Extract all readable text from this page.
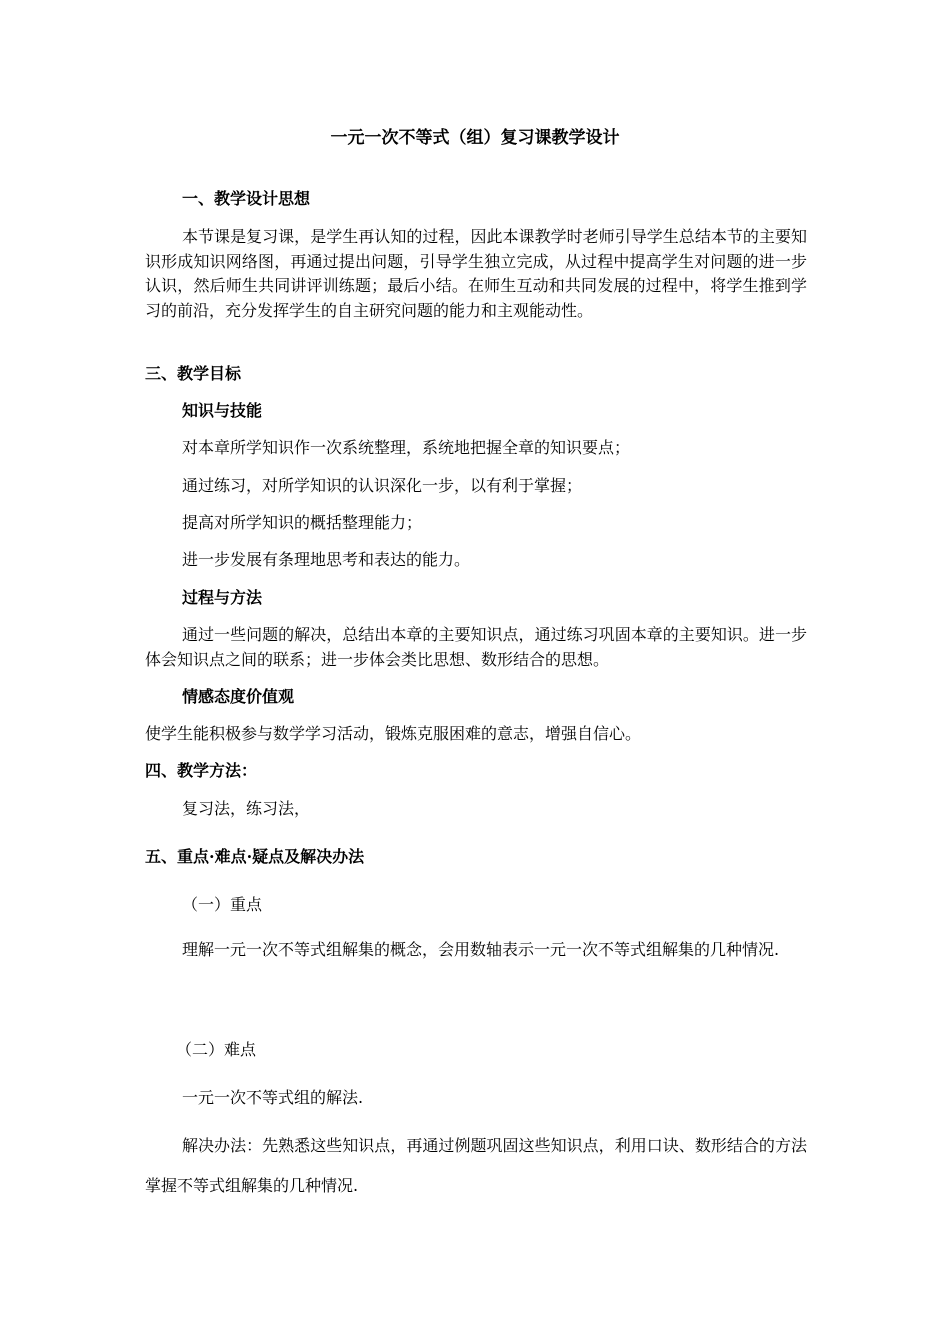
一元一次不等式（组）复习课教学设计
一、教学设计思想
本节课是复习课，是学生再认知的过程，因此本课教学时老师引导学生总结本节的主要知识形成知识网络图，再通过提出问题，引导学生独立完成，从过程中提高学生对问题的进一步认识，然后师生共同讲评训练题；最后小结。在师生互动和共同发展的过程中，将学生推到学习的前沿，充分发挥学生的自主研究问题的能力和主观能动性。
三、教学目标
知识与技能
对本章所学知识作一次系统整理，系统地把握全章的知识要点；
通过练习，对所学知识的认识深化一步，以有利于掌握；
提高对所学知识的概括整理能力；
进一步发展有条理地思考和表达的能力。
过程与方法
通过一些问题的解决，总结出本章的主要知识点，通过练习巩固本章的主要知识。进一步体会知识点之间的联系；进一步体会类比思想、数形结合的思想。
情感态度价值观
使学生能积极参与数学学习活动，锻炼克服困难的意志，增强自信心。
四、教学方法：
复习法，练习法，
五、重点·难点·疑点及解决办法
（一）重点
理解一元一次不等式组解集的概念，会用数轴表示一元一次不等式组解集的几种情况.
（二）难点
一元一次不等式组的解法.
解决办法：先熟悉这些知识点，再通过例题巩固这些知识点，利用口诀、数形结合的方法掌握不等式组解集的几种情况.
